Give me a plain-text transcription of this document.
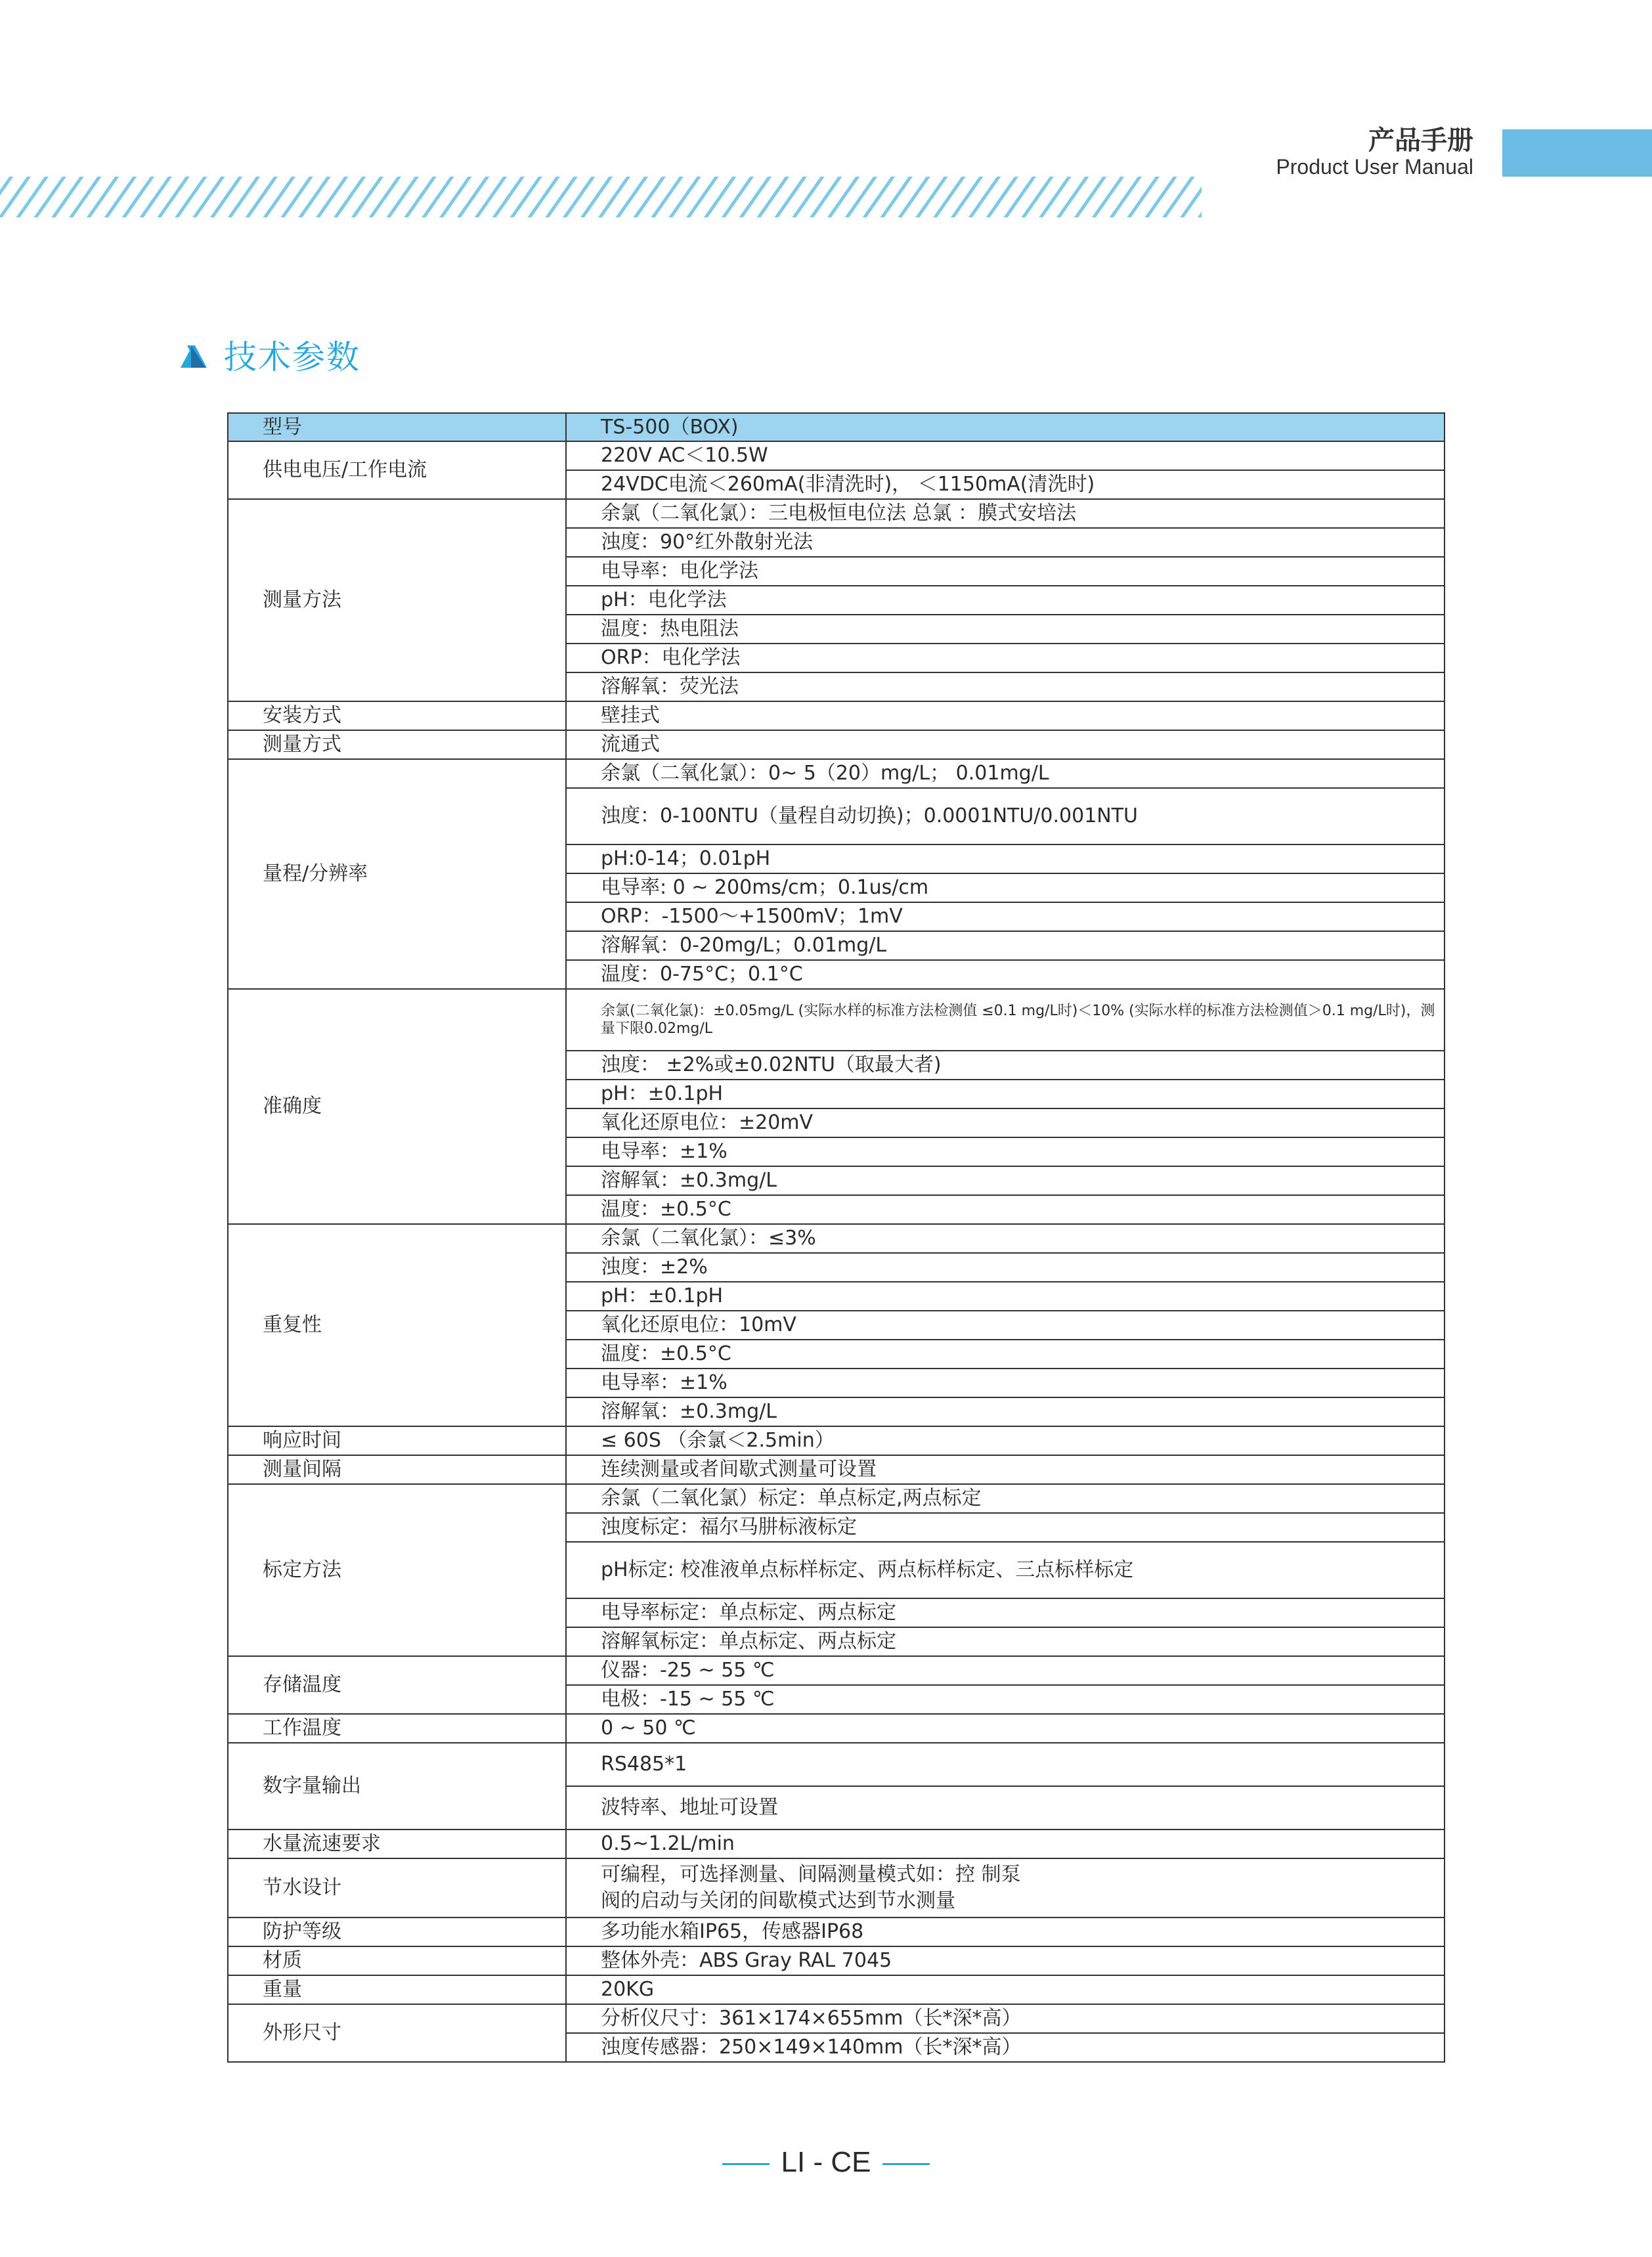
产品手册
Product User Manual
技术参数
型号	TS-500（BOX)
供电电压/工作电流	220V AC＜10.5W
	24VDC电流＜260mA(非清洗时)， ＜1150mA(清洗时)
测量方法	余氯（二氧化氯）：三电极恒电位法 总氯 ：膜式安培法
	浊度：90°红外散射光法
	电导率：电化学法
	pH：电化学法
	温度：热电阻法
	ORP：电化学法
	溶解氧：荧光法
安装方式	壁挂式
测量方式	流通式
量程/分辨率	余氯（二氧化氯）：0~ 5（20）mg/L； 0.01mg/L
	浊度：0-100NTU（量程自动切换)；0.0001NTU/0.001NTU
	pH:0-14；0.01pH
	电导率: 0 ~ 200ms/cm；0.1us/cm
	ORP：-1500～+1500mV；1mV
	溶解氧：0-20mg/L；0.01mg/L
	温度：0-75°C；0.1°C
准确度	余氯(二氧化氯)：±0.05mg/L (实际水样的标准方法检测值 ≤0.1 mg/L时)＜10% (实际水样的标准方法检测值＞0.1 mg/L时)，测量下限0.02mg/L
	浊度： ±2%或±0.02NTU（取最大者)
	pH：±0.1pH
	氧化还原电位：±20mV
	电导率：±1%
	溶解氧：±0.3mg/L
	温度：±0.5°C
重复性	余氯（二氧化氯）：≤3%
	浊度：±2%
	pH：±0.1pH
	氧化还原电位：10mV
	温度：±0.5°C
	电导率：±1%
	溶解氧：±0.3mg/L
响应时间	≤ 60S （余氯＜2.5min）
测量间隔	连续测量或者间歇式测量可设置
标定方法	余氯（二氧化氯）标定：单点标定,两点标定
	浊度标定：福尔马肼标液标定
	pH标定: 校准液单点标样标定、两点标样标定、三点标样标定
	电导率标定：单点标定、两点标定
	溶解氧标定：单点标定、两点标定
存储温度	仪器：-25 ~ 55 ℃
	电极：-15 ~ 55 ℃
工作温度	0 ~ 50 ℃
数字量输出	RS485*1
	波特率、地址可设置
水量流速要求	0.5~1.2L/min
节水设计	可编程，可选择测量、间隔测量模式如：控 制泵阀的启动与关闭的间歇模式达到节水测量
防护等级	多功能水箱IP65，传感器IP68
材质	整体外壳：ABS Gray RAL 7045
重量	20KG
外形尺寸	分析仪尺寸：361×174×655mm（长*深*高）
	浊度传感器：250×149×140mm（长*深*高）
LI - CE
